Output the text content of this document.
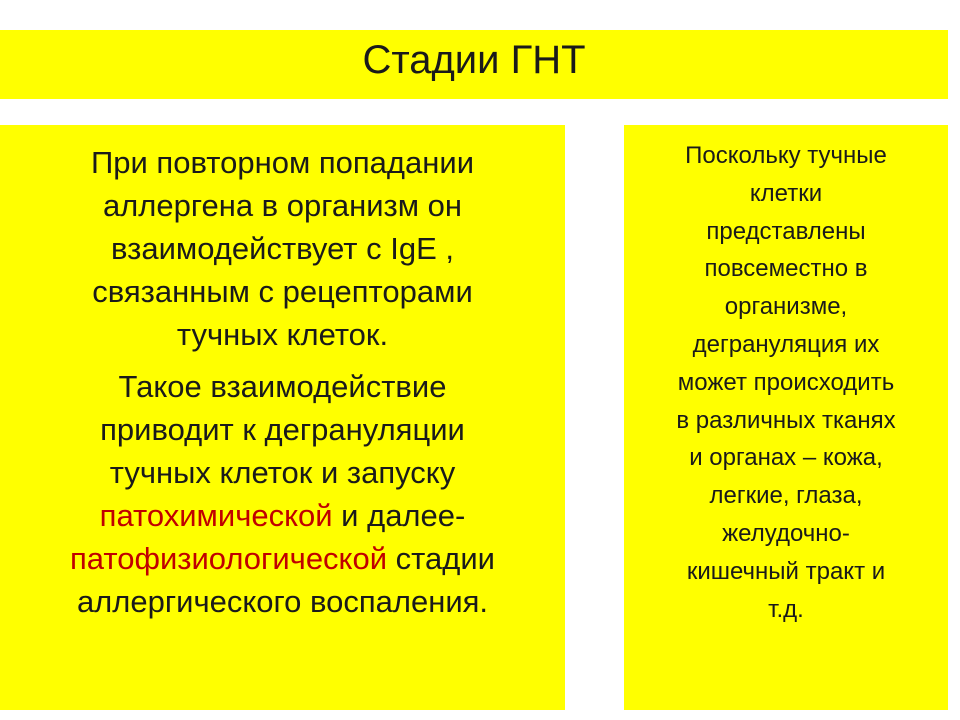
Стадии ГНТ

При повторном попадании
аллергена в организм он
взаимодействует с IgE ,
связанным с рецепторами
тучных клеток.

Такое взаимодействие
приводит к дегрануляции
тучных клеток и запуску
патохимической и далее-
патофизиологической стадии
аллергического воспаления.

Поскольку тучные
клетки
представлены
повсеместно в
организме,
дегрануляция их
может происходить
в различных тканях
и органах – кожа,
легкие, глаза,
желудочно-
кишечный тракт и
т.д.
